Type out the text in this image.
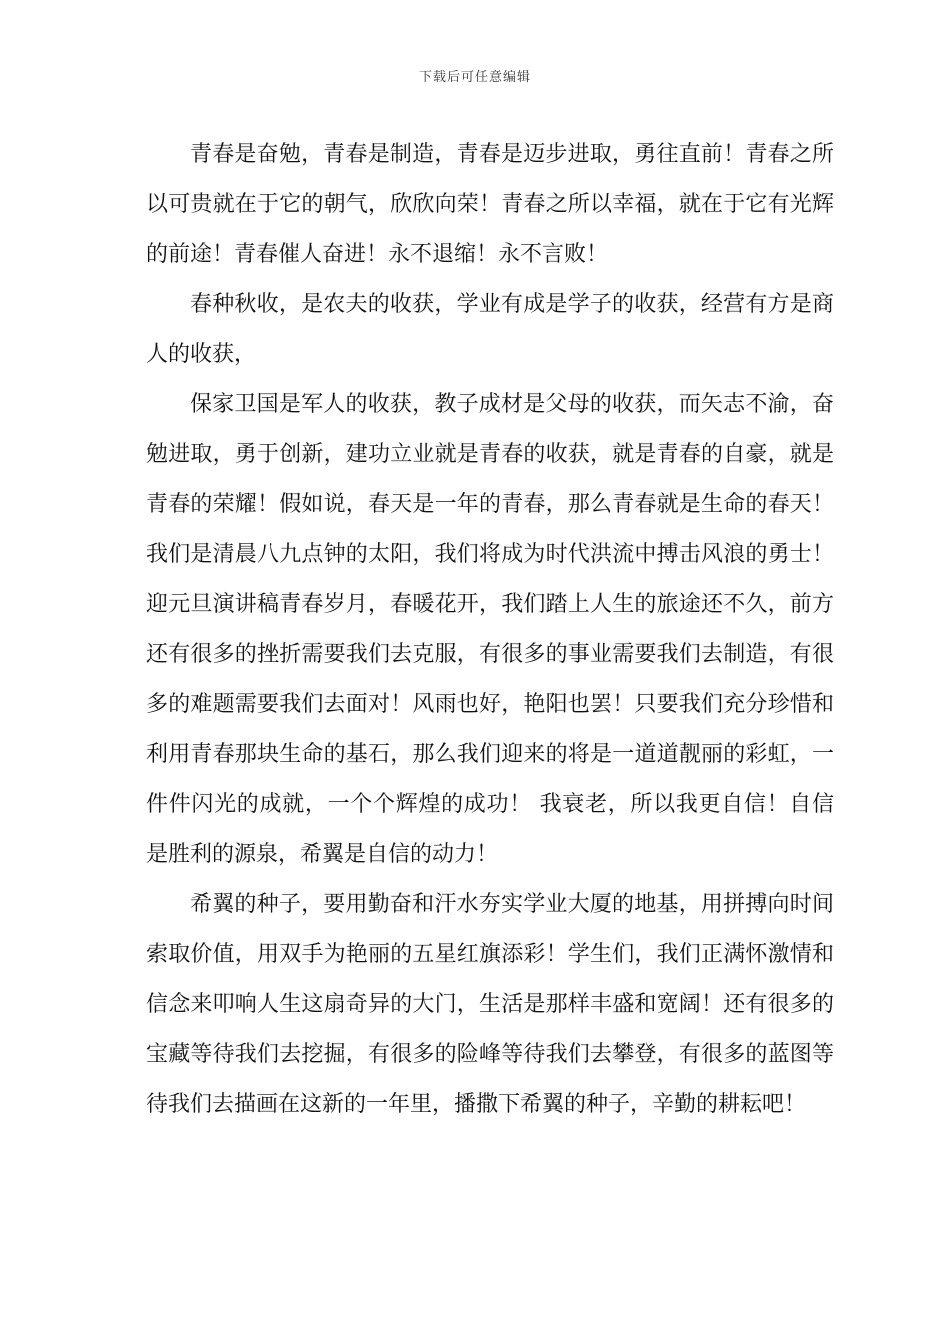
下载后可任意编辑

青春是奋勉，青春是制造，青春是迈步进取，勇往直前！青春之所以可贵就在于它的朝气，欣欣向荣！青春之所以幸福，就在于它有光辉的前途！青春催人奋进！永不退缩！永不言败！

春种秋收，是农夫的收获，学业有成是学子的收获，经营有方是商人的收获，

保家卫国是军人的收获，教子成材是父母的收获，而矢志不渝，奋勉进取，勇于创新，建功立业就是青春的收获，就是青春的自豪，就是青春的荣耀！假如说，春天是一年的青春，那么青春就是生命的春天！我们是清晨八九点钟的太阳，我们将成为时代洪流中搏击风浪的勇士！迎元旦演讲稿青春岁月，春暖花开，我们踏上人生的旅途还不久，前方还有很多的挫折需要我们去克服，有很多的事业需要我们去制造，有很多的难题需要我们去面对！风雨也好，艳阳也罢！只要我们充分珍惜和利用青春那块生命的基石，那么我们迎来的将是一道道靓丽的彩虹，一件件闪光的成就，一个个辉煌的成功！ 我衰老，所以我更自信！自信是胜利的源泉，希翼是自信的动力！

希翼的种子，要用勤奋和汗水夯实学业大厦的地基，用拼搏向时间索取价值，用双手为艳丽的五星红旗添彩！学生们，我们正满怀激情和信念来叩响人生这扇奇异的大门，生活是那样丰盛和宽阔！还有很多的宝藏等待我们去挖掘，有很多的险峰等待我们去攀登，有很多的蓝图等待我们去描画在这新的一年里，播撒下希翼的种子，辛勤的耕耘吧！
